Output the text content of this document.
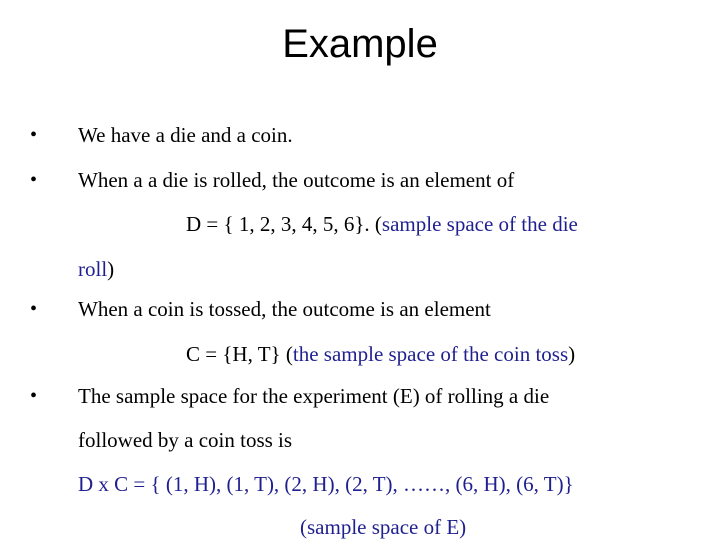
Example
• We have a die and a coin.
• When a a die is rolled, the outcome is an element of
D = { 1, 2, 3, 4, 5, 6}. (sample space of the die
roll)
• When a coin is tossed, the outcome is an element
C = {H, T} (the sample space of the coin toss)
• The sample space for the experiment (E) of rolling a die
followed by a coin toss is
D x C = { (1, H), (1, T), (2, H), (2, T), ……, (6, H), (6, T)}
(sample space of E)
